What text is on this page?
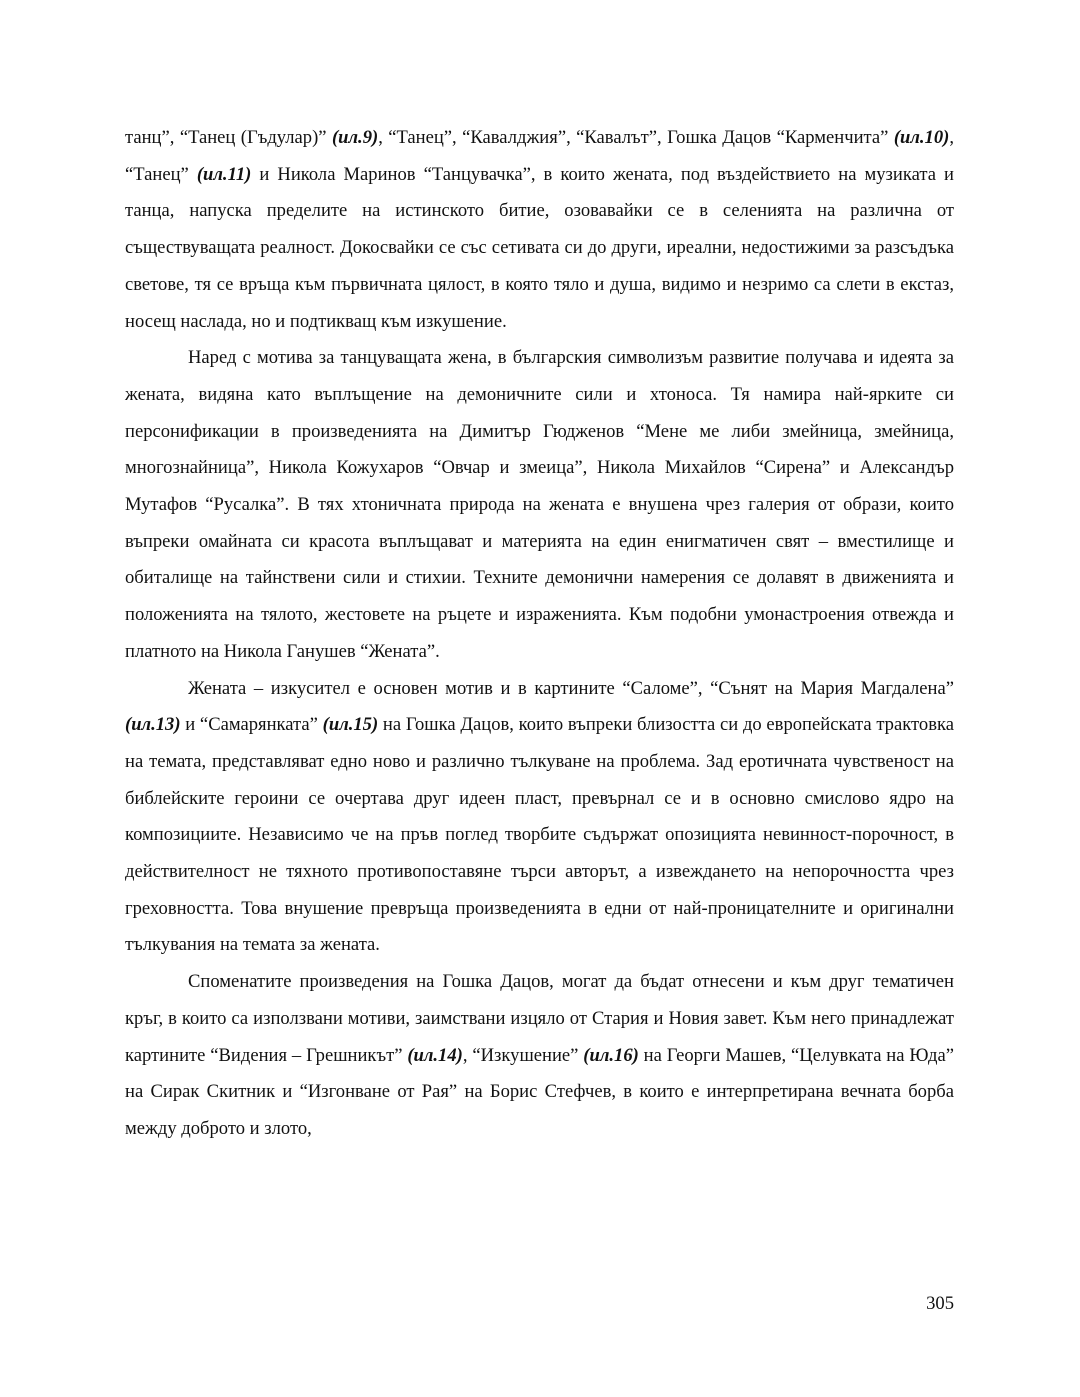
танц”, “Танец (Гъдулар)” (ил.9), “Танец”, “Кавалджия”, “Кавалът”, Гошка Дацов “Карменчита” (ил.10), “Танец” (ил.11) и Никола Маринов “Танцувачка”, в които жената, под въздействието на музиката и танца, напуска пределите на истинското битие, озовавайки се в селенията на различна от съществуващата реалност. Докосвайки се със сетивата си до други, иреални, недостижими за разсъдъка светове, тя се връща към първичната цялост, в която тяло и душа, видимо и незримо са слети в екстаз, носещ наслада, но и подтикващ към изкушение.

Наред с мотива за танцуващата жена, в българския символизъм развитие получава и идеята за жената, видяна като въплъщение на демоничните сили и хтоноса. Тя намира най-ярките си персонификации в произведенията на Димитър Гюдженов “Мене ме либи змейница, змейница, многознайница”, Никола Кожухаров “Овчар и змеица”, Никола Михайлов “Сирена” и Александър Мутафов “Русалка”. В тях хтоничната природа на жената е внушена чрез галерия от образи, които въпреки омайната си красота въплъщават и материята на един енигматичен свят – вместилище и обиталище на тайнствени сили и стихии. Техните демонични намерения се долавят в движенията и положенията на тялото, жестовете на ръцете и израженията. Към подобни умонастроения отвежда и платното на Никола Ганушев “Жената”.

Жената – изкусител е основен мотив и в картините “Саломе”, “Сънят на Мария Магдалена” (ил.13) и “Самарянката” (ил.15) на Гошка Дацов, които въпреки близостта си до европейската трактовка на темата, представляват едно ново и различно тълкуване на проблема. Зад еротичната чувственост на библейските героини се очертава друг идеен пласт, превърнал се и в основно смислово ядро на композициите. Независимо че на пръв поглед творбите съдържат опозицията невинност-порочност, в действителност не тяхното противопоставяне търси авторът, а извеждането на непорочността чрез греховността. Това внушение превръща произведенията в едни от най-проницателните и оригинални тълкувания на темата за жената.

Споменатите произведения на Гошка Дацов, могат да бъдат отнесени и към друг тематичен кръг, в които са използвани мотиви, заимствани изцяло от Стария и Новия завет. Към него принадлежат картините “Видения – Грешникът” (ил.14), “Изкушение” (ил.16) на Георги Машев, “Целувката на Юда” на Сирак Скитник и “Изгонване от Рая” на Борис Стефчев, в които е интерпретирана вечната борба между доброто и злото,

305
